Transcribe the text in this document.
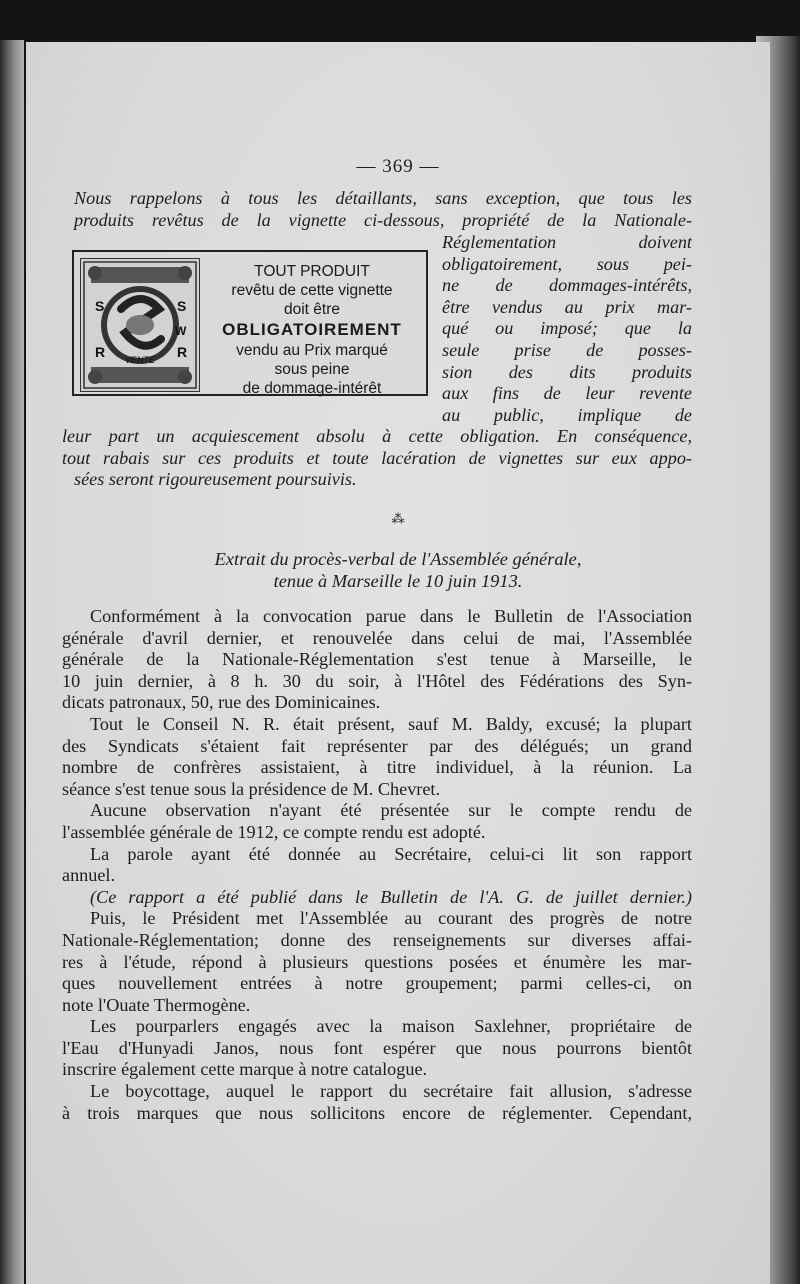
— 369 —
Nous rappelons à tous les détaillants, sans exception, que tous les
produits revêtus de la vignette ci-dessous, propriété de la Nationale-
S
R
S
R
W
VENTE
TOUT PRODUIT
revêtu de cette vignette
doit être
OBLIGATOIREMENT
vendu au Prix marqué
sous peine
de dommage-intérêt
Réglementation doivent
obligatoirement, sous pei-
ne de dommages-intérêts,
être vendus au prix mar-
qué ou imposé; que la
seule prise de posses-
sion des dits produits
aux fins de leur revente
au public, implique de
leur part un acquiescement absolu à cette obligation. En conséquence,
tout rabais sur ces produits et toute lacération de vignettes sur eux appo-
sées seront rigoureusement poursuivis.
⁂
Extrait du procès-verbal de l'Assemblée générale,
tenue à Marseille le 10 juin 1913.
Conformément à la convocation parue dans le Bulletin de l'Association
générale d'avril dernier, et renouvelée dans celui de mai, l'Assemblée
générale de la Nationale-Réglementation s'est tenue à Marseille, le
10 juin dernier, à 8 h. 30 du soir, à l'Hôtel des Fédérations des Syn-
dicats patronaux, 50, rue des Dominicaines.
Tout le Conseil N. R. était présent, sauf M. Baldy, excusé; la plupart
des Syndicats s'étaient fait représenter par des délégués; un grand
nombre de confrères assistaient, à titre individuel, à la réunion. La
séance s'est tenue sous la présidence de M. Chevret.
Aucune observation n'ayant été présentée sur le compte rendu de
l'assemblée générale de 1912, ce compte rendu est adopté.
La parole ayant été donnée au Secrétaire, celui-ci lit son rapport
annuel.
(Ce rapport a été publié dans le Bulletin de l'A. G. de juillet dernier.)
Puis, le Président met l'Assemblée au courant des progrès de notre
Nationale-Réglementation; donne des renseignements sur diverses affai-
res à l'étude, répond à plusieurs questions posées et énumère les mar-
ques nouvellement entrées à notre groupement; parmi celles-ci, on
note l'Ouate Thermogène.
Les pourparlers engagés avec la maison Saxlehner, propriétaire de
l'Eau d'Hunyadi Janos, nous font espérer que nous pourrons bientôt
inscrire également cette marque à notre catalogue.
Le boycottage, auquel le rapport du secrétaire fait allusion, s'adresse
à trois marques que nous sollicitons encore de réglementer. Cependant,
